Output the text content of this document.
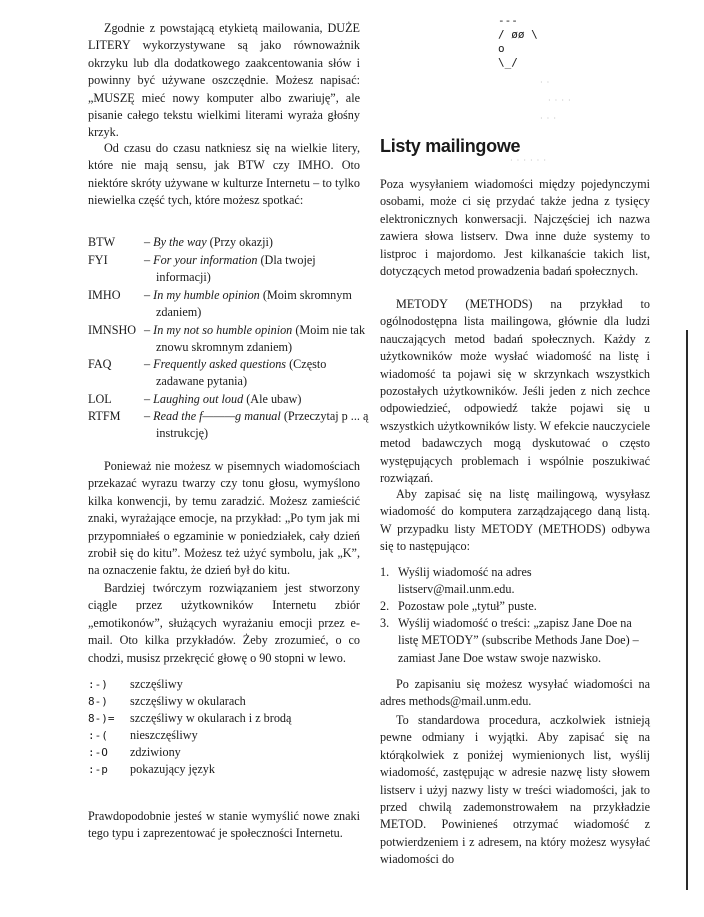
Zgodnie z powstającą etykietą mailowania, DUŻE LITERY wykorzystywane są jako równoważnik okrzyku lub dla dodatkowego zaakcentowania słów i powinny być używane oszczędnie. Możesz napisać: „MUSZĘ mieć nowy komputer albo zwariuję”, ale pisanie całego tekstu wielkimi literami wyraża głośny krzyk.

Od czasu do czasu natkniesz się na wielkie litery, które nie mają sensu, jak BTW czy IMHO. Oto niektóre skróty używane w kulturze Internetu – to tylko niewielka część tych, które możesz spotkać:

BTW	– By the way (Przy okazji)
FYI	– For your information (Dla twojej informacji)
IMHO	– In my humble opinion (Moim skromnym zdaniem)
IMNSHO – In my not so humble opinion (Moim nie tak znowu skromnym zdaniem)
FAQ	– Frequently asked questions (Często zadawane pytania)
LOL	– Laughing out loud (Ale ubaw)
RTFM	– Read the f———g manual (Przeczytaj p ... ą instrukcję)

Ponieważ nie możesz w pisemnych wiadomościach przekazać wyrazu twarzy czy tonu głosu, wymyślono kilka konwencji, by temu zaradzić. Możesz zamieścić znaki, wyrażające emocje, na przykład: „Po tym jak mi przypomniałeś o egzaminie w poniedziałek, cały dzień zrobił się do kitu”. Możesz też użyć symbolu, jak „K”, na oznaczenie faktu, że dzień był do kitu.

Bardziej twórczym rozwiązaniem jest stworzony ciągle przez użytkowników Internetu zbiór „emotikonów”, służących wyrażaniu emocji przez e-mail. Oto kilka przykładów. Żeby zrozumieć, o co chodzi, musisz przekręcić głowę o 90 stopni w lewo.

:-)	szczęśliwy
8-)	szczęśliwy w okularach
8-)=	szczęśliwy w okularach i z brodą
:-(	nieszczęśliwy
:-O	zdziwiony
:-p	pokazujący język

Prawdopodobnie jesteś w stanie wymyślić nowe znaki tego typu i zaprezentować je społeczności Internetu.

---
/ øø \
o
\_/
· ·
· · · ·
· · ·
· · · · · ·
Listy mailingowe

Poza wysyłaniem wiadomości między pojedynczymi osobami, może ci się przydać także jedna z tysięcy elektronicznych konwersacji. Najczęściej ich nazwa zawiera słowa listserv. Dwa inne duże systemy to listproc i majordomo. Jest kilkanaście takich list, dotyczących metod prowadzenia badań społecznych.

METODY (METHODS) na przykład to ogólnodostępna lista mailingowa, głównie dla ludzi nauczających metod badań społecznych. Każdy z użytkowników może wysłać wiadomość na listę i wiadomość ta pojawi się w skrzynkach wszystkich pozostałych użytkowników. Jeśli jeden z nich zechce odpowiedzieć, odpowiedź także pojawi się u wszystkich użytkowników listy. W efekcie nauczyciele metod badawczych mogą dyskutować o często występujących problemach i wspólnie poszukiwać rozwiązań.

Aby zapisać się na listę mailingową, wysyłasz wiadomość do komputera zarządzającego daną listą. W przypadku listy METODY (METHODS) odbywa się to następująco:

1. Wyślij wiadomość na adres listserv@mail.unm.edu.
2. Pozostaw pole „tytuł” puste.
3. Wyślij wiadomość o treści: „zapisz Jane Doe na listę METODY” (subscribe Methods Jane Doe) – zamiast Jane Doe wstaw swoje nazwisko.

Po zapisaniu się możesz wysyłać wiadomości na adres methods@mail.unm.edu.

To standardowa procedura, aczkolwiek istnieją pewne odmiany i wyjątki. Aby zapisać się na którąkolwiek z poniżej wymienionych list, wyślij wiadomość, zastępując w adresie nazwę listy słowem listserv i użyj nazwy listy w treści wiadomości, jak to przed chwilą zademonstrowałem na przykładzie METOD. Powinieneś otrzymać wiadomość z potwierdzeniem i z adresem, na który możesz wysyłać wiadomości do
